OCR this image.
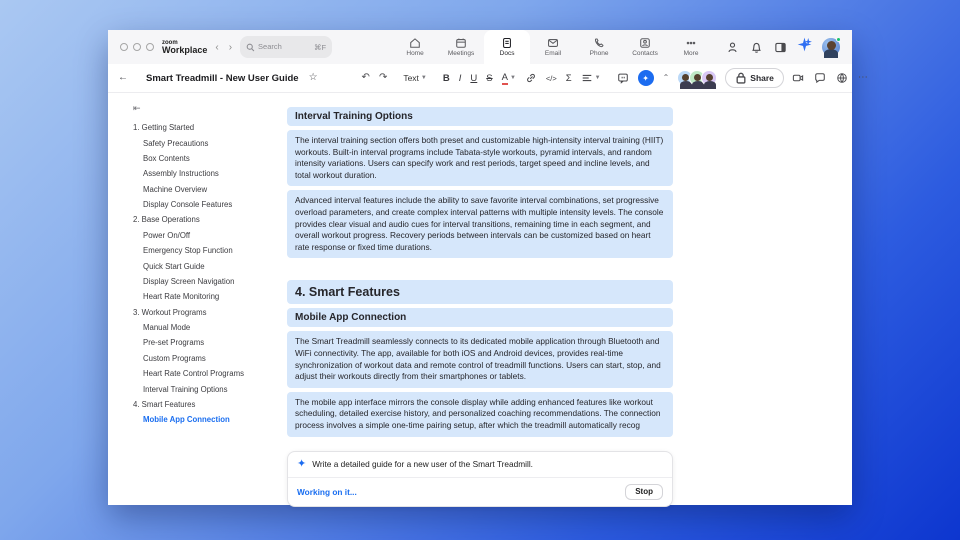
zoom
Workplace ‹ ›	Search	⌘F
Home	Meetings	Docs	Email	Phone	Contacts	More
← Smart Treadmill - New User Guide ☆	↶ ↷ Text ▼ B I U S A ▼	</> Σ	▼	✦	⌃	Share	⋯
⇤
1. Getting Started
Safety Precautions
Box Contents
Assembly Instructions
Machine Overview
Display Console Features
2. Base Operations
Power On/Off
Emergency Stop Function
Quick Start Guide
Display Screen Navigation
Heart Rate Monitoring
3. Workout Programs
Manual Mode
Pre-set Programs
Custom Programs
Heart Rate Control Programs
Interval Training Options
4. Smart Features
Mobile App Connection
Interval Training Options
The interval training section offers both preset and customizable high-intensity interval training (HIIT) workouts. Built-in interval programs include Tabata-style workouts, pyramid intervals, and random intensity variations. Users can specify work and rest periods, target speed and incline levels, and total workout duration.
Advanced interval features include the ability to save favorite interval combinations, set progressive overload parameters, and create complex interval patterns with multiple intensity levels. The console provides clear visual and audio cues for interval transitions, remaining time in each segment, and overall workout progress. Recovery periods between intervals can be customized based on heart rate response or fixed time durations.
4. Smart Features
Mobile App Connection
The Smart Treadmill seamlessly connects to its dedicated mobile application through Bluetooth and WiFi connectivity. The app, available for both iOS and Android devices, provides real-time synchronization of workout data and remote control of treadmill functions. Users can start, stop, and adjust their workouts directly from their smartphones or tablets.
The mobile app interface mirrors the console display while adding enhanced features like workout scheduling, detailed exercise history, and personalized coaching recommendations. The connection process involves a simple one-time pairing setup, after which the treadmill automatically recog
✦ Write a detailed guide for a new user of the Smart Treadmill.
Working on it...	Stop
